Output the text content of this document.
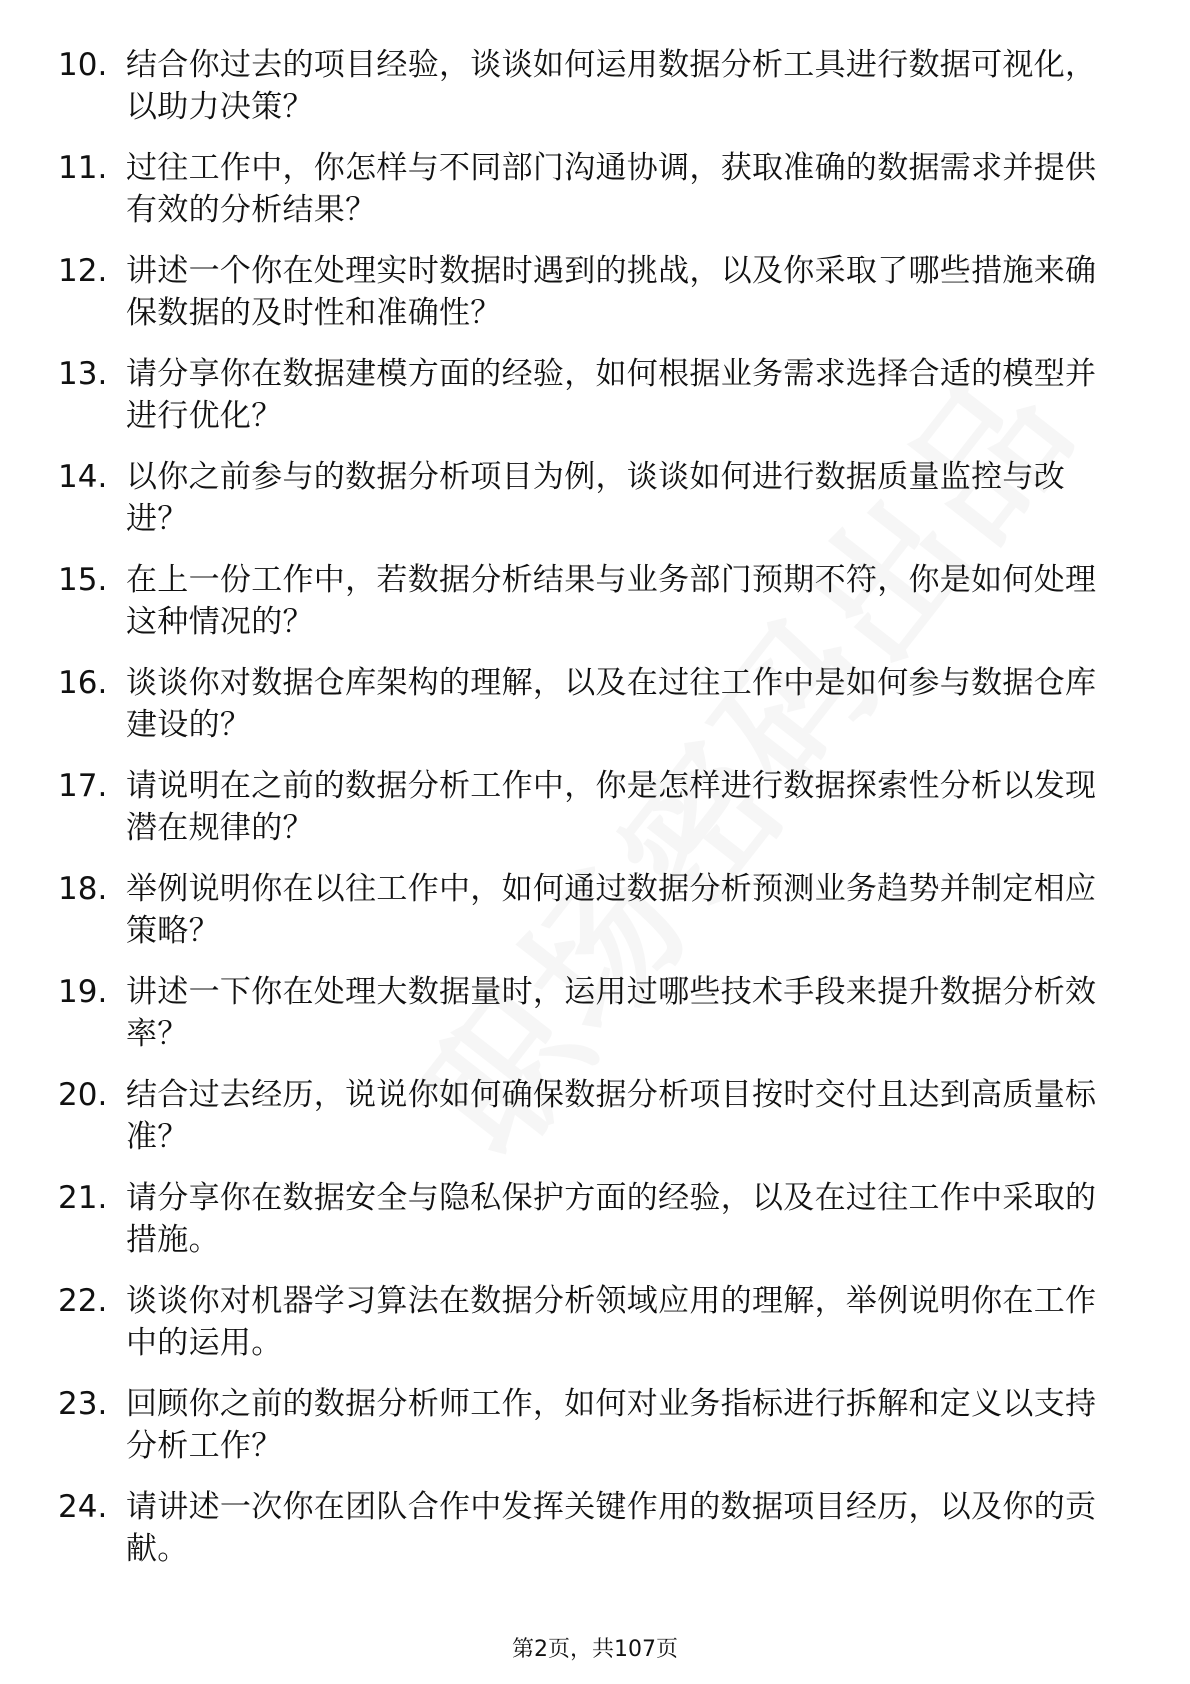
10. 结合你过去的项目经验，谈谈如何运用数据分析工具进行数据可视化，以助力决策？
11. 过往工作中，你怎样与不同部门沟通协调，获取准确的数据需求并提供有效的分析结果？
12. 讲述一个你在处理实时数据时遇到的挑战，以及你采取了哪些措施来确保数据的及时性和准确性？
13. 请分享你在数据建模方面的经验，如何根据业务需求选择合适的模型并进行优化？
14. 以你之前参与的数据分析项目为例，谈谈如何进行数据质量监控与改进？
15. 在上一份工作中，若数据分析结果与业务部门预期不符，你是如何处理这种情况的？
16. 谈谈你对数据仓库架构的理解，以及在过往工作中是如何参与数据仓库建设的？
17. 请说明在之前的数据分析工作中，你是怎样进行数据探索性分析以发现潜在规律的？
18. 举例说明你在以往工作中，如何通过数据分析预测业务趋势并制定相应策略？
19. 讲述一下你在处理大数据量时，运用过哪些技术手段来提升数据分析效率？
20. 结合过去经历，说说你如何确保数据分析项目按时交付且达到高质量标准？
21. 请分享你在数据安全与隐私保护方面的经验，以及在过往工作中采取的措施。
22. 谈谈你对机器学习算法在数据分析领域应用的理解，举例说明你在工作中的运用。
23. 回顾你之前的数据分析师工作，如何对业务指标进行拆解和定义以支持分析工作？
24. 请讲述一次你在团队合作中发挥关键作用的数据项目经历，以及你的贡献。
第2页，共107页
